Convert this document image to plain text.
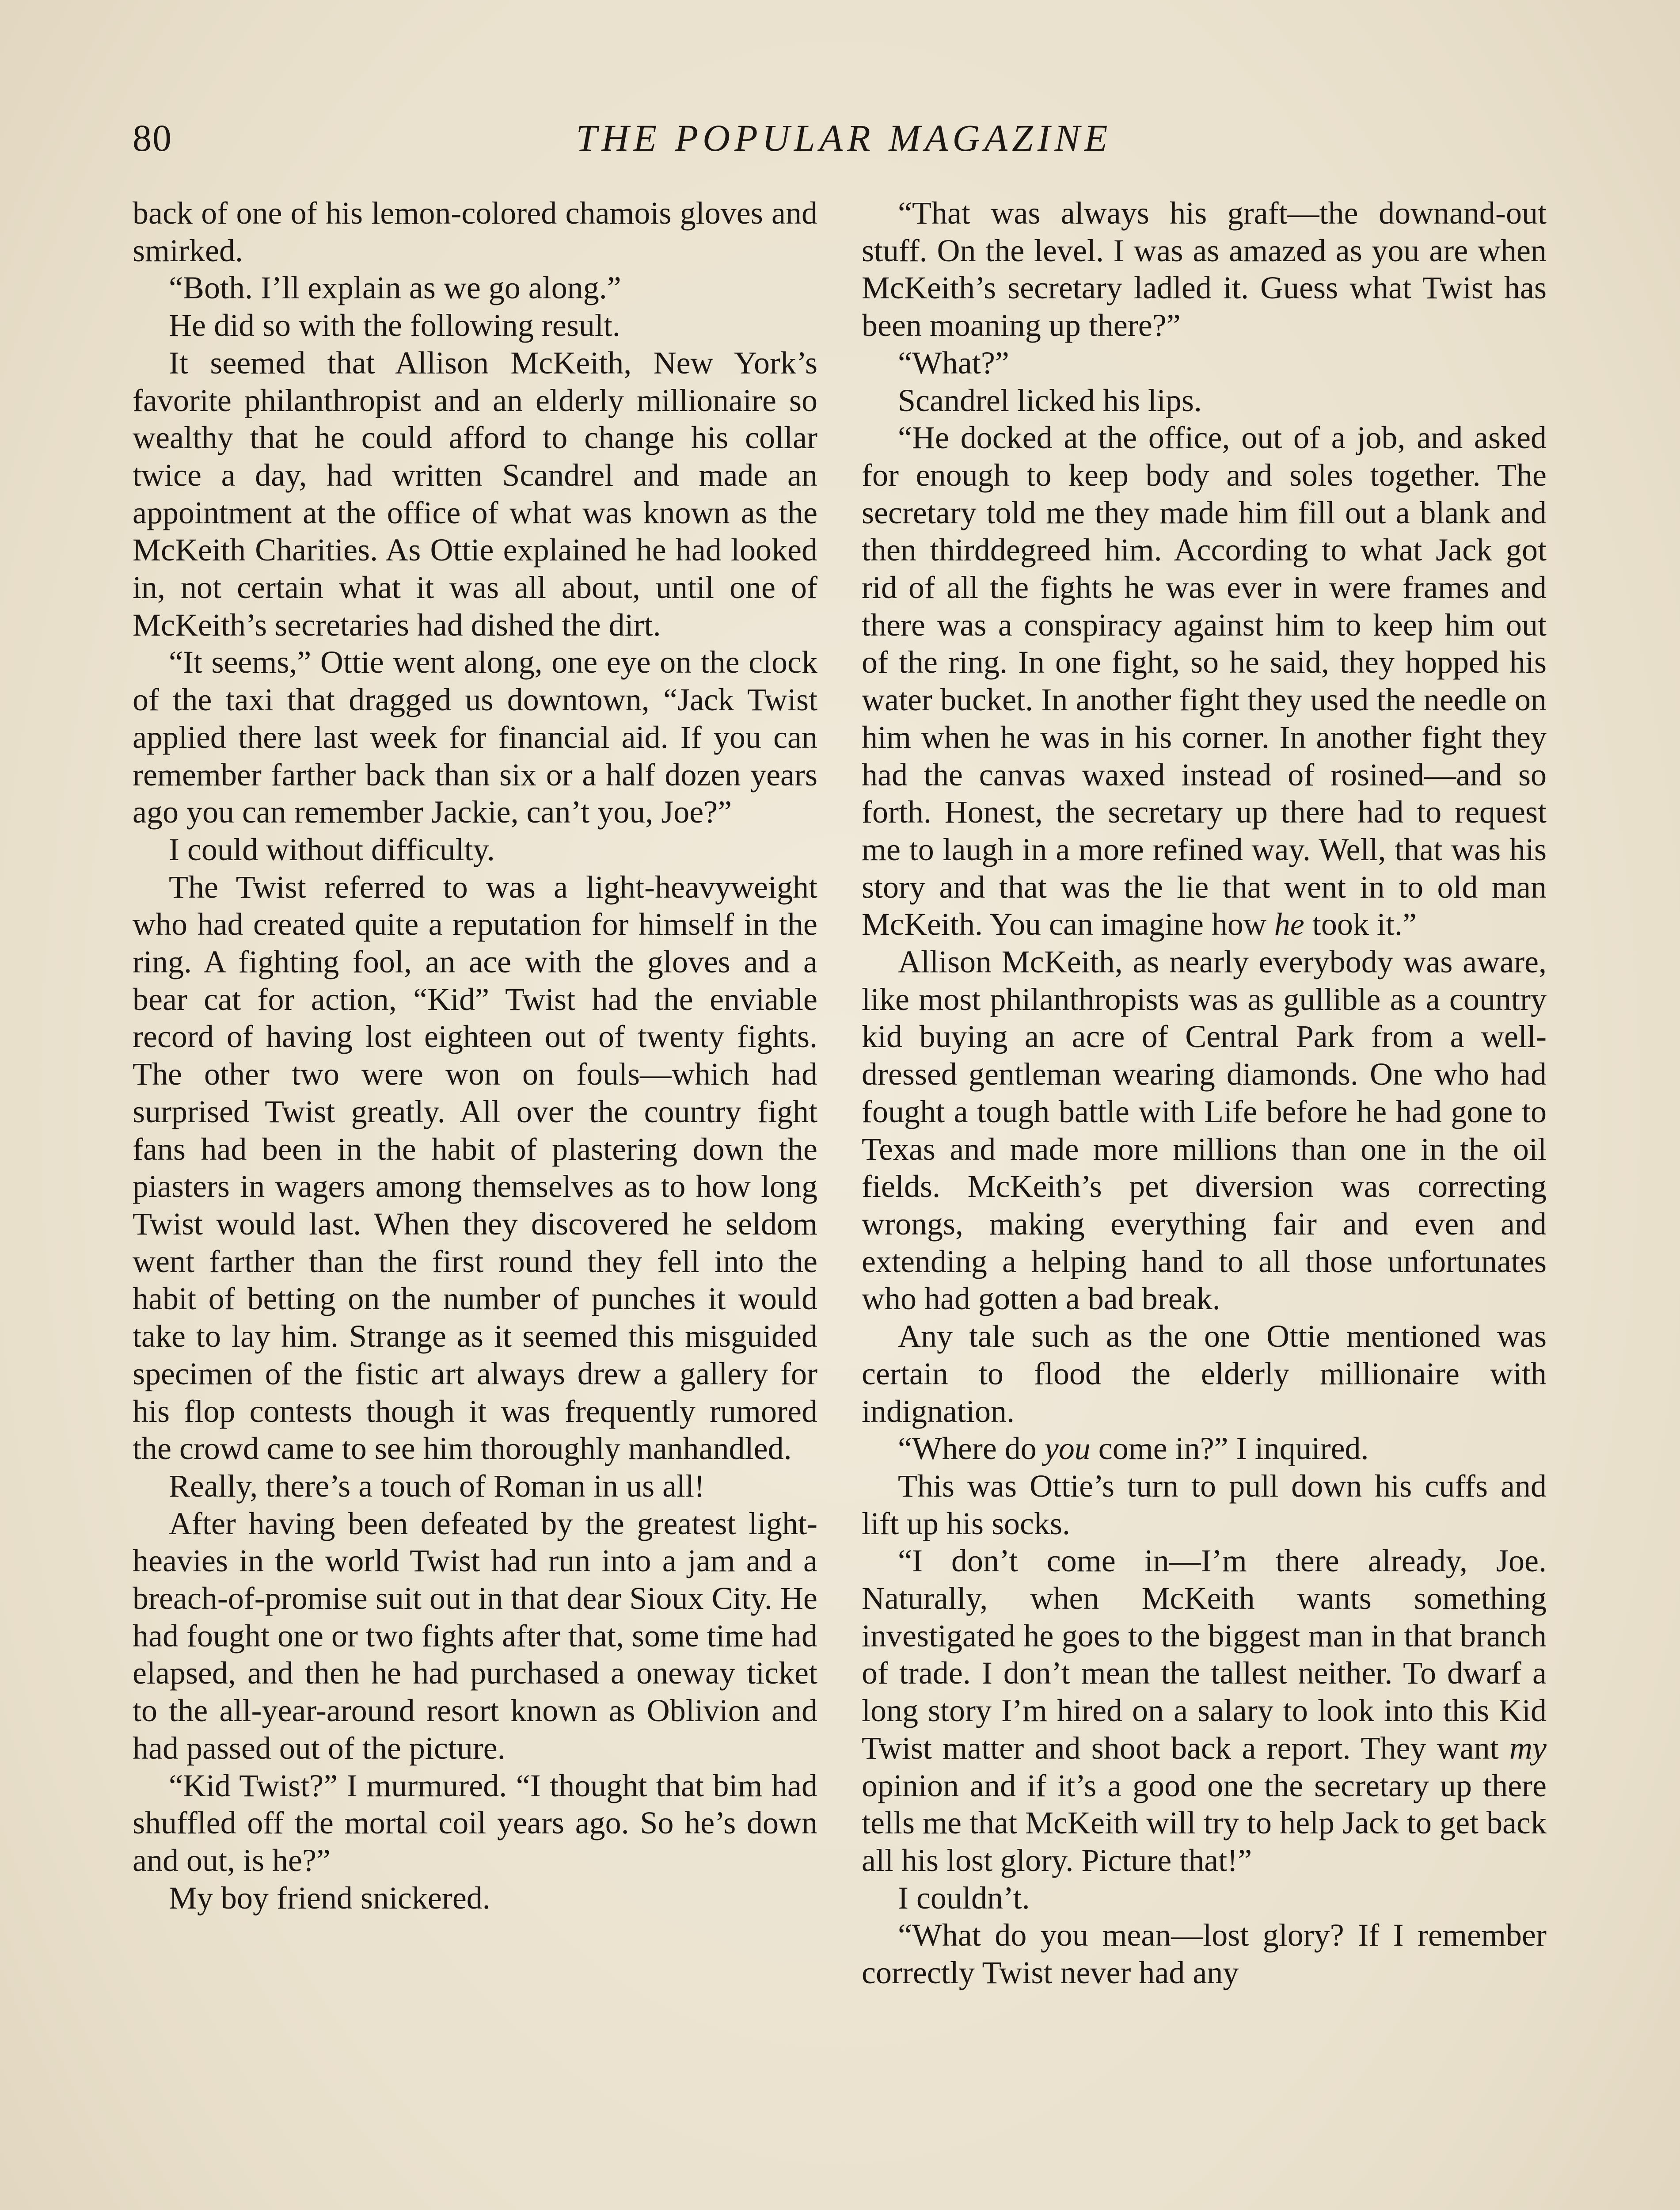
80	THE POPULAR MAGAZINE

back of one of his lemon-colored chamois gloves and smirked.

“Both. I’ll explain as we go along.”

He did so with the following result.

It seemed that Allison McKeith, New York’s favorite philanthropist and an elderly millionaire so wealthy that he could afford to change his collar twice a day, had written Scandrel and made an appointment at the office of what was known as the McKeith Charities. As Ottie explained he had looked in, not certain what it was all about, until one of McKeith’s secretaries had dished the dirt.

“It seems,” Ottie went along, one eye on the clock of the taxi that dragged us downtown, “Jack Twist applied there last week for financial aid. If you can remember farther back than six or a half dozen years ago you can remember Jackie, can’t you, Joe?”

I could without difficulty.

The Twist referred to was a light-heavyweight who had created quite a reputation for himself in the ring. A fighting fool, an ace with the gloves and a bear cat for action, “Kid” Twist had the enviable record of having lost eighteen out of twenty fights. The other two were won on fouls—which had surprised Twist greatly. All over the country fight fans had been in the habit of plastering down the piasters in wagers among themselves as to how long Twist would last. When they discovered he seldom went farther than the first round they fell into the habit of betting on the number of punches it would take to lay him. Strange as it seemed this misguided specimen of the fistic art always drew a gallery for his flop contests though it was frequently rumored the crowd came to see him thoroughly manhandled.

Really, there’s a touch of Roman in us all!

After having been defeated by the greatest light-heavies in the world Twist had run into a jam and a breach-of-promise suit out in that dear Sioux City. He had fought one or two fights after that, some time had elapsed, and then he had purchased a oneway ticket to the all-year-around resort known as Oblivion and had passed out of the picture.

“Kid Twist?” I murmured. “I thought that bim had shuffled off the mortal coil years ago. So he’s down and out, is he?”

My boy friend snickered.

“That was always his graft—the downand-out stuff. On the level. I was as amazed as you are when McKeith’s secretary ladled it. Guess what Twist has been moaning up there?”

“What?”

Scandrel licked his lips.

“He docked at the office, out of a job, and asked for enough to keep body and soles together. The secretary told me they made him fill out a blank and then thirddegreed him. According to what Jack got rid of all the fights he was ever in were frames and there was a conspiracy against him to keep him out of the ring. In one fight, so he said, they hopped his water bucket. In another fight they used the needle on him when he was in his corner. In another fight they had the canvas waxed instead of rosined—and so forth. Honest, the secretary up there had to request me to laugh in a more refined way. Well, that was his story and that was the lie that went in to old man McKeith. You can imagine how he took it.”

Allison McKeith, as nearly everybody was aware, like most philanthropists was as gullible as a country kid buying an acre of Central Park from a well-dressed gentleman wearing diamonds. One who had fought a tough battle with Life before he had gone to Texas and made more millions than one in the oil fields. McKeith’s pet diversion was correcting wrongs, making everything fair and even and extending a helping hand to all those unfortunates who had gotten a bad break.

Any tale such as the one Ottie mentioned was certain to flood the elderly millionaire with indignation.

“Where do you come in?” I inquired.

This was Ottie’s turn to pull down his cuffs and lift up his socks.

“I don’t come in—I’m there already, Joe. Naturally, when McKeith wants something investigated he goes to the biggest man in that branch of trade. I don’t mean the tallest neither. To dwarf a long story I’m hired on a salary to look into this Kid Twist matter and shoot back a report. They want my opinion and if it’s a good one the secretary up there tells me that McKeith will try to help Jack to get back all his lost glory. Picture that!”

I couldn’t.

“What do you mean—lost glory? If I remember correctly Twist never had any
